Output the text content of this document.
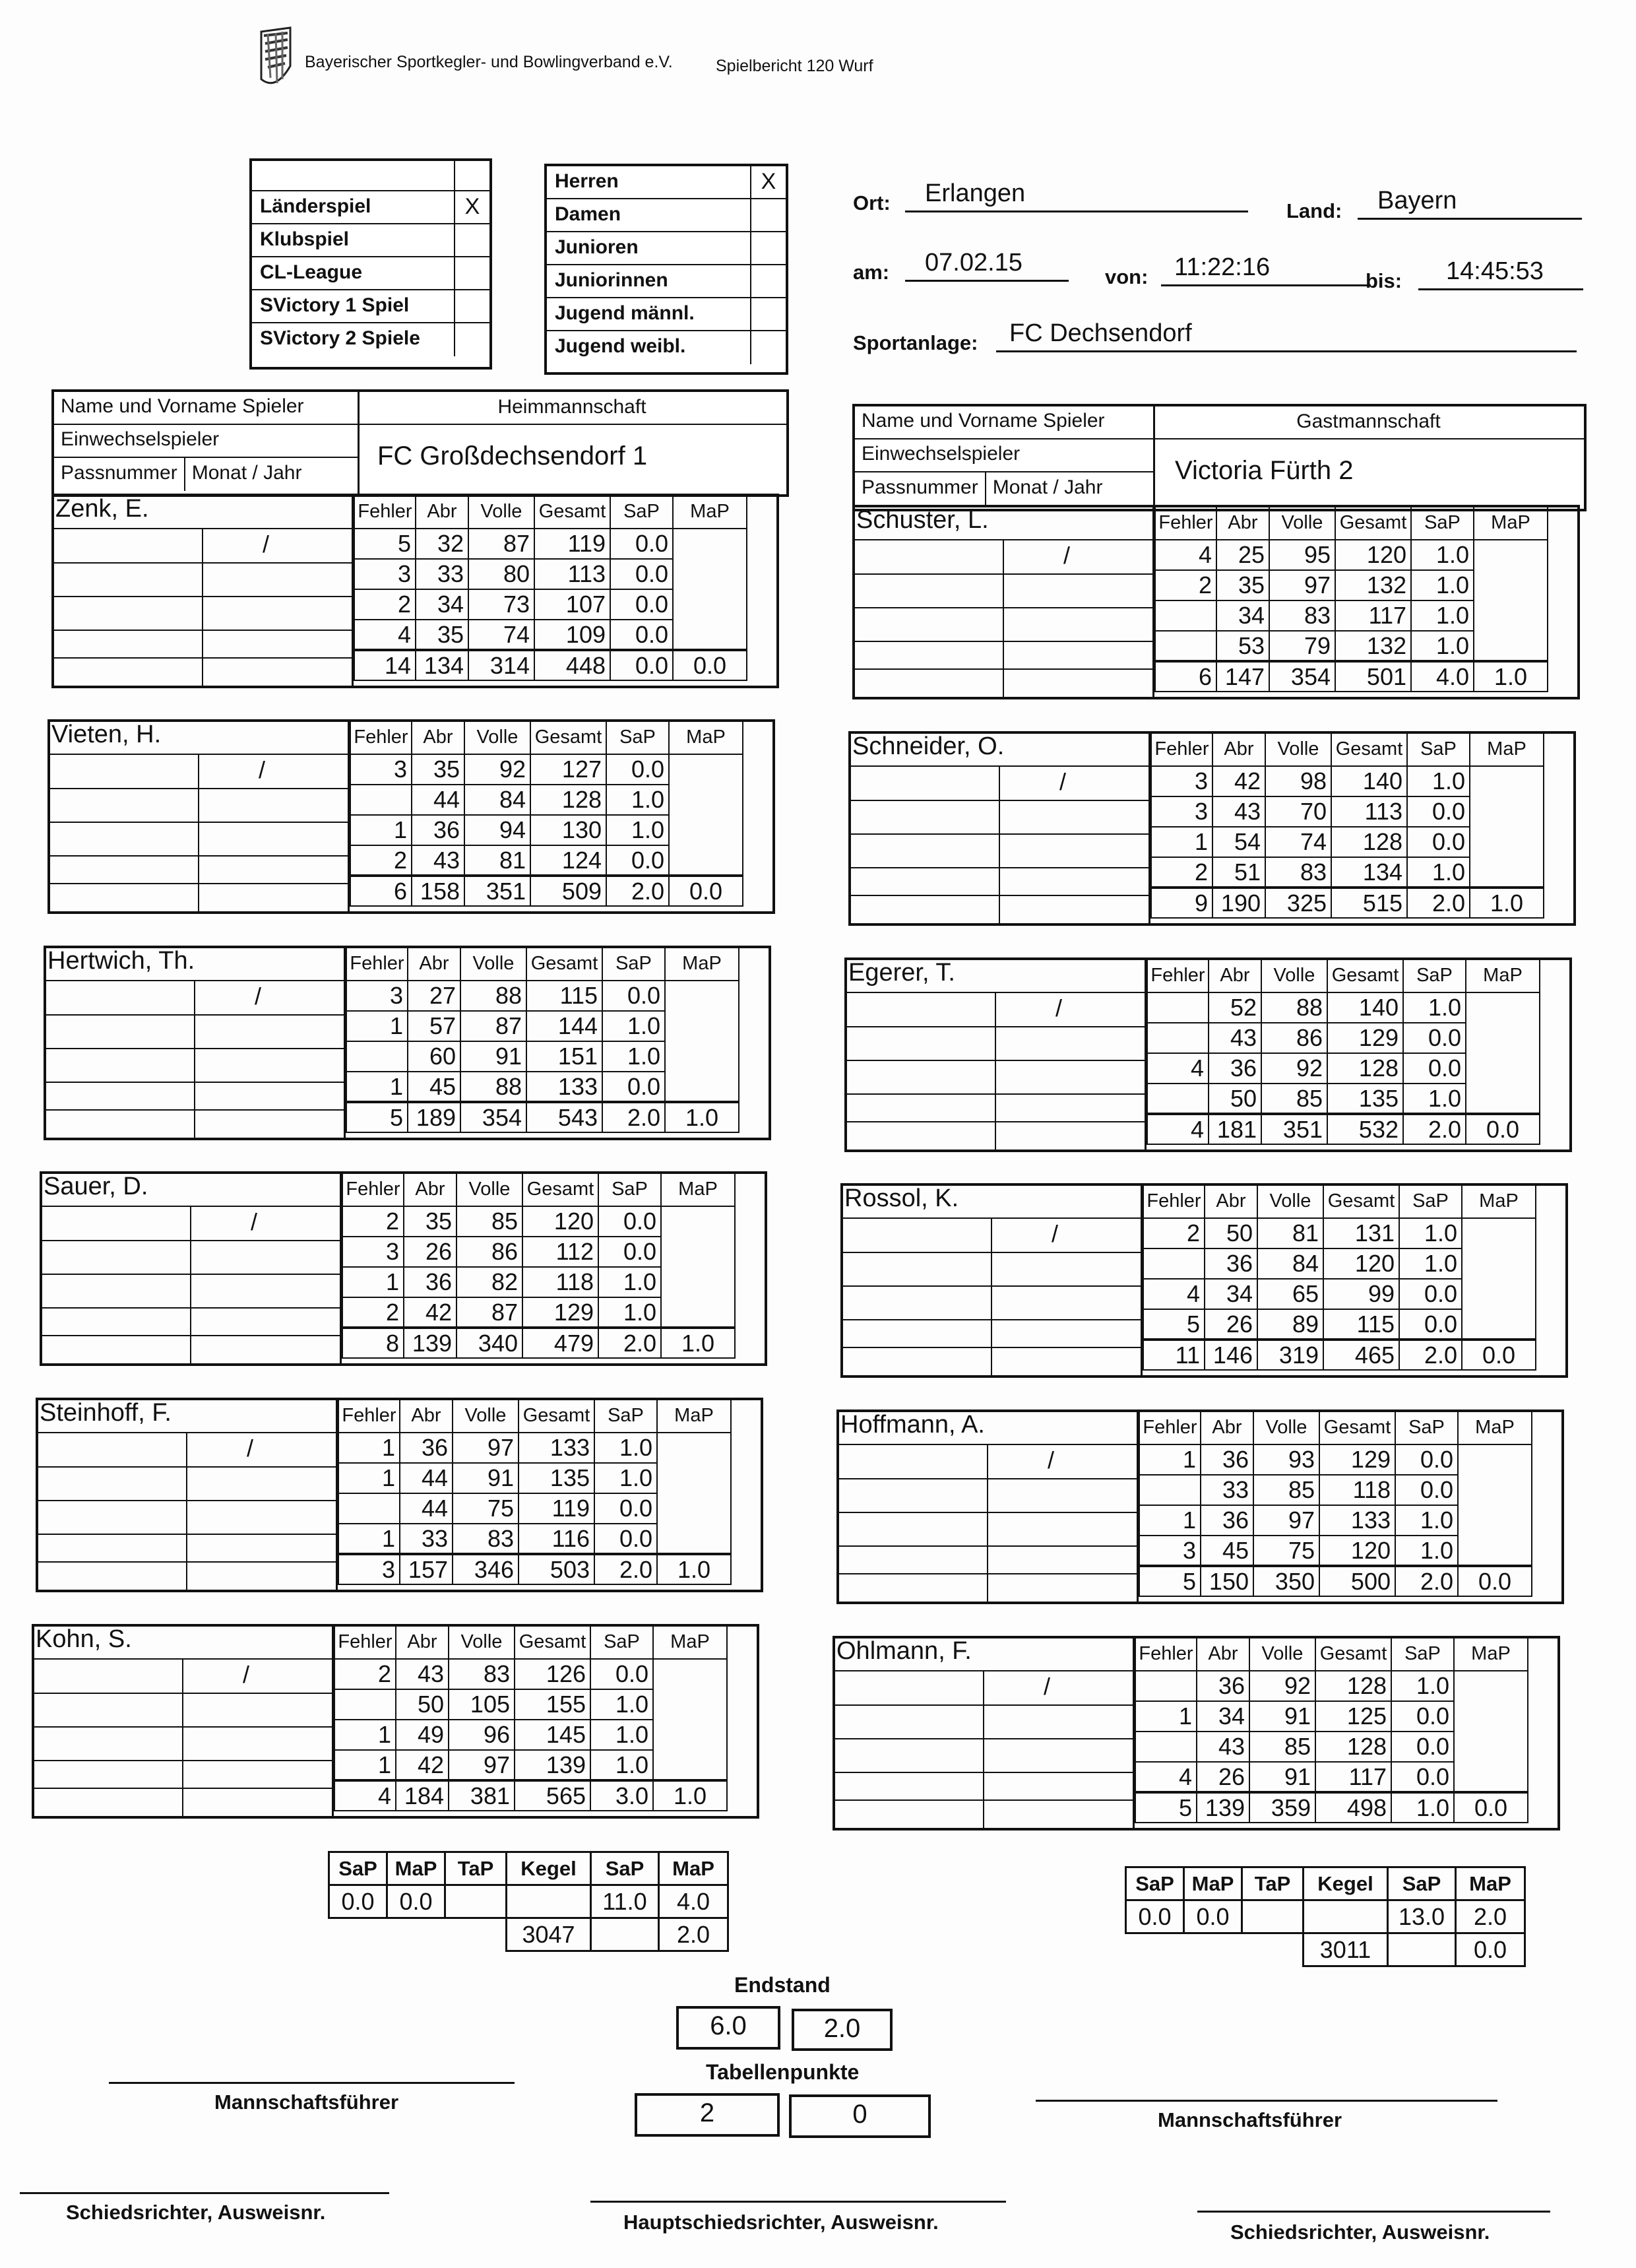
Bayerischer Sportkegler- und Bowlingverband e.V.	Spielbericht 120 Wurf
Länderspiel	X
Klubspiel
CL-League
SVictory 1 Spiel
SVictory 2 Spiele
Herren	X
Damen
Junioren
Juniorinnen
Jugend männl.
Jugend weibl.
Ort:	Erlangen
Land:	Bayern
am:	07.02.15
von:	11:22:16	bis:	14:45:53
Sportanlage:	FC Dechsendorf
Name und Vorname Spieler
Einwechselspieler
Passnummer Monat / Jahr
Heimmannschaft
FC Großdechsendorf 1
Name und Vorname Spieler
Einwechselspieler
Passnummer Monat / Jahr
Gastmannschaft
Victoria Fürth 2
Zenk, E.
/
Fehler	Abr	Volle	Gesamt	SaP	MaP
5	32	87	119	0.0	
3	33	80	113	0.0	
2	34	73	107	0.0	
4	35	74	109	0.0	
14	134	314	448	0.0	0.0
Schuster, L.
/
Fehler	Abr	Volle	Gesamt	SaP	MaP
4	25	95	120	1.0	
2	35	97	132	1.0	
	34	83	117	1.0	
	53	79	132	1.0	
6	147	354	501	4.0	1.0
Vieten, H.
/
Fehler	Abr	Volle	Gesamt	SaP	MaP
3	35	92	127	0.0	
	44	84	128	1.0	
1	36	94	130	1.0	
2	43	81	124	0.0	
6	158	351	509	2.0	0.0
Schneider, O.
/
Fehler	Abr	Volle	Gesamt	SaP	MaP
3	42	98	140	1.0	
3	43	70	113	0.0	
1	54	74	128	0.0	
2	51	83	134	1.0	
9	190	325	515	2.0	1.0
Hertwich, Th.
/
Fehler	Abr	Volle	Gesamt	SaP	MaP
3	27	88	115	0.0	
1	57	87	144	1.0	
	60	91	151	1.0	
1	45	88	133	0.0	
5	189	354	543	2.0	1.0
Egerer, T.
/
Fehler	Abr	Volle	Gesamt	SaP	MaP
	52	88	140	1.0	
	43	86	129	0.0	
4	36	92	128	0.0	
	50	85	135	1.0	
4	181	351	532	2.0	0.0
Sauer, D.
/
Fehler	Abr	Volle	Gesamt	SaP	MaP
2	35	85	120	0.0	
3	26	86	112	0.0	
1	36	82	118	1.0	
2	42	87	129	1.0	
8	139	340	479	2.0	1.0
Rossol, K.
/
Fehler	Abr	Volle	Gesamt	SaP	MaP
2	50	81	131	1.0	
	36	84	120	1.0	
4	34	65	99	0.0	
5	26	89	115	0.0	
11	146	319	465	2.0	0.0
Steinhoff, F.
/
Fehler	Abr	Volle	Gesamt	SaP	MaP
1	36	97	133	1.0	
1	44	91	135	1.0	
	44	75	119	0.0	
1	33	83	116	0.0	
3	157	346	503	2.0	1.0
Hoffmann, A.
/
Fehler	Abr	Volle	Gesamt	SaP	MaP
1	36	93	129	0.0	
	33	85	118	0.0	
1	36	97	133	1.0	
3	45	75	120	1.0	
5	150	350	500	2.0	0.0
Kohn, S.
/
Fehler	Abr	Volle	Gesamt	SaP	MaP
2	43	83	126	0.0	
	50	105	155	1.0	
1	49	96	145	1.0	
1	42	97	139	1.0	
4	184	381	565	3.0	1.0
Ohlmann, F.
/
Fehler	Abr	Volle	Gesamt	SaP	MaP
	36	92	128	1.0	
1	34	91	125	0.0	
	43	85	128	0.0	
4	26	91	117	0.0	
5	139	359	498	1.0	0.0
SaP	MaP	TaP	Kegel	SaP	MaP
0.0	0.0			11.0	4.0
			3047		2.0
SaP	MaP	TaP	Kegel	SaP	MaP
0.0	0.0			13.0	2.0
			3011		0.0
Endstand
6.0	2.0
Tabellenpunkte
2	0
Mannschaftsführer
Mannschaftsführer
Schiedsrichter, Ausweisnr.	Hauptschiedsrichter, Ausweisnr.	Schiedsrichter, Ausweisnr.
